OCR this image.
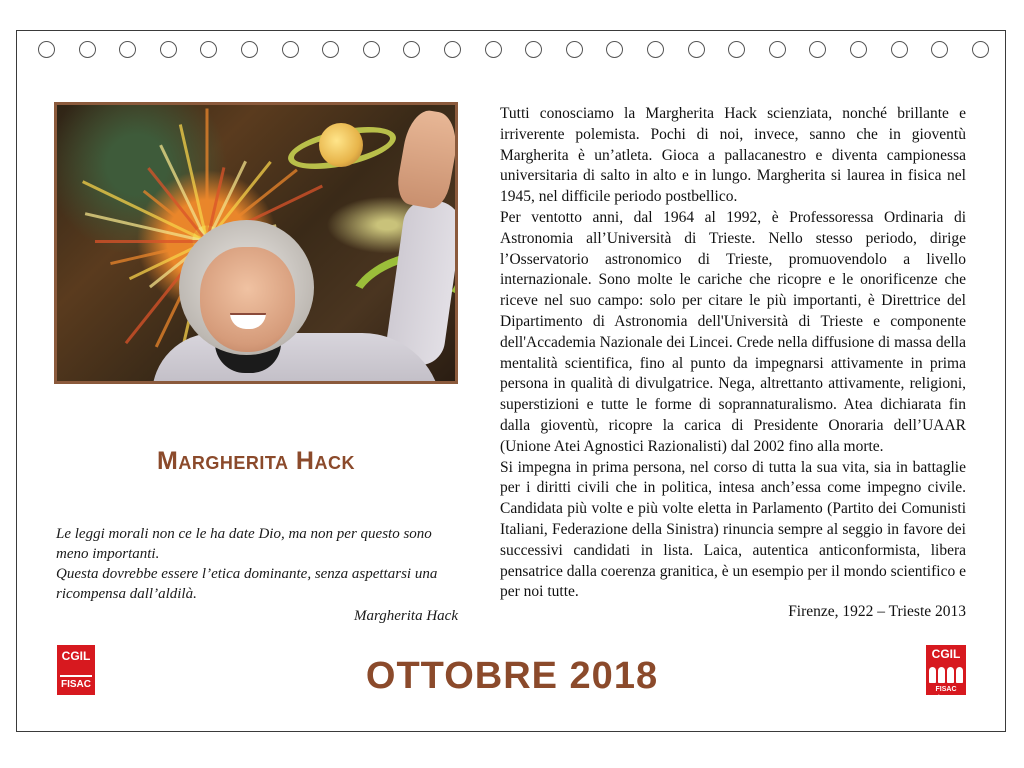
Margherita Hack

Le leggi morali non ce le ha date Dio, ma non per questo sono meno importanti.

Questa dovrebbe essere l’etica dominante, senza aspettarsi una ricompensa dall’aldilà.

Margherita Hack

Tutti conosciamo la Margherita Hack scienziata, nonché brillante e irriverente polemista. Pochi di noi, invece, sanno che in gioventù Margherita è un’atleta. Gioca a pallacanestro e diventa campionessa universitaria di salto in alto e in lungo. Margherita si laurea in fisica nel 1945, nel difficile periodo postbellico.

Per ventotto anni, dal 1964 al 1992, è Professoressa Ordinaria di Astronomia all’Università di Trieste. Nello stesso periodo, dirige l’Osservatorio astronomico di Trieste, promuovendolo a livello internazionale. Sono molte le cariche che ricopre e le onorificenze che riceve nel suo campo: solo per citare le più importanti, è Direttrice del Dipartimento di Astronomia dell'Università di Trieste e componente dell'Accademia Nazionale dei Lincei. Crede nella diffusione di massa della mentalità scientifica, fino al punto da impegnarsi attivamente in prima persona in qualità di divulgatrice. Nega, altrettanto attivamente, religioni, superstizioni e tutte le forme di soprannaturalismo. Atea dichiarata fin dalla gioventù, ricopre la carica di Presidente Onoraria dell’UAAR (Unione Atei Agnostici Razionalisti) dal 2002 fino alla morte.

Si impegna in prima persona, nel corso di tutta la sua vita, sia in battaglie per i diritti civili che in politica, intesa anch’essa come impegno civile. Candidata più volte e più volte eletta in Parlamento (Partito dei Comunisti Italiani, Federazione della Sinistra) rinuncia sempre al seggio in favore dei successivi candidati in lista. Laica, autentica anticonformista, libera pensatrice dalla coerenza granitica, è un esempio per il mondo scientifico e per noi tutte.

Firenze, 1922 – Trieste 2013
OTTOBRE 2018
CGIL
FISAC
CGIL
FISAC donne
